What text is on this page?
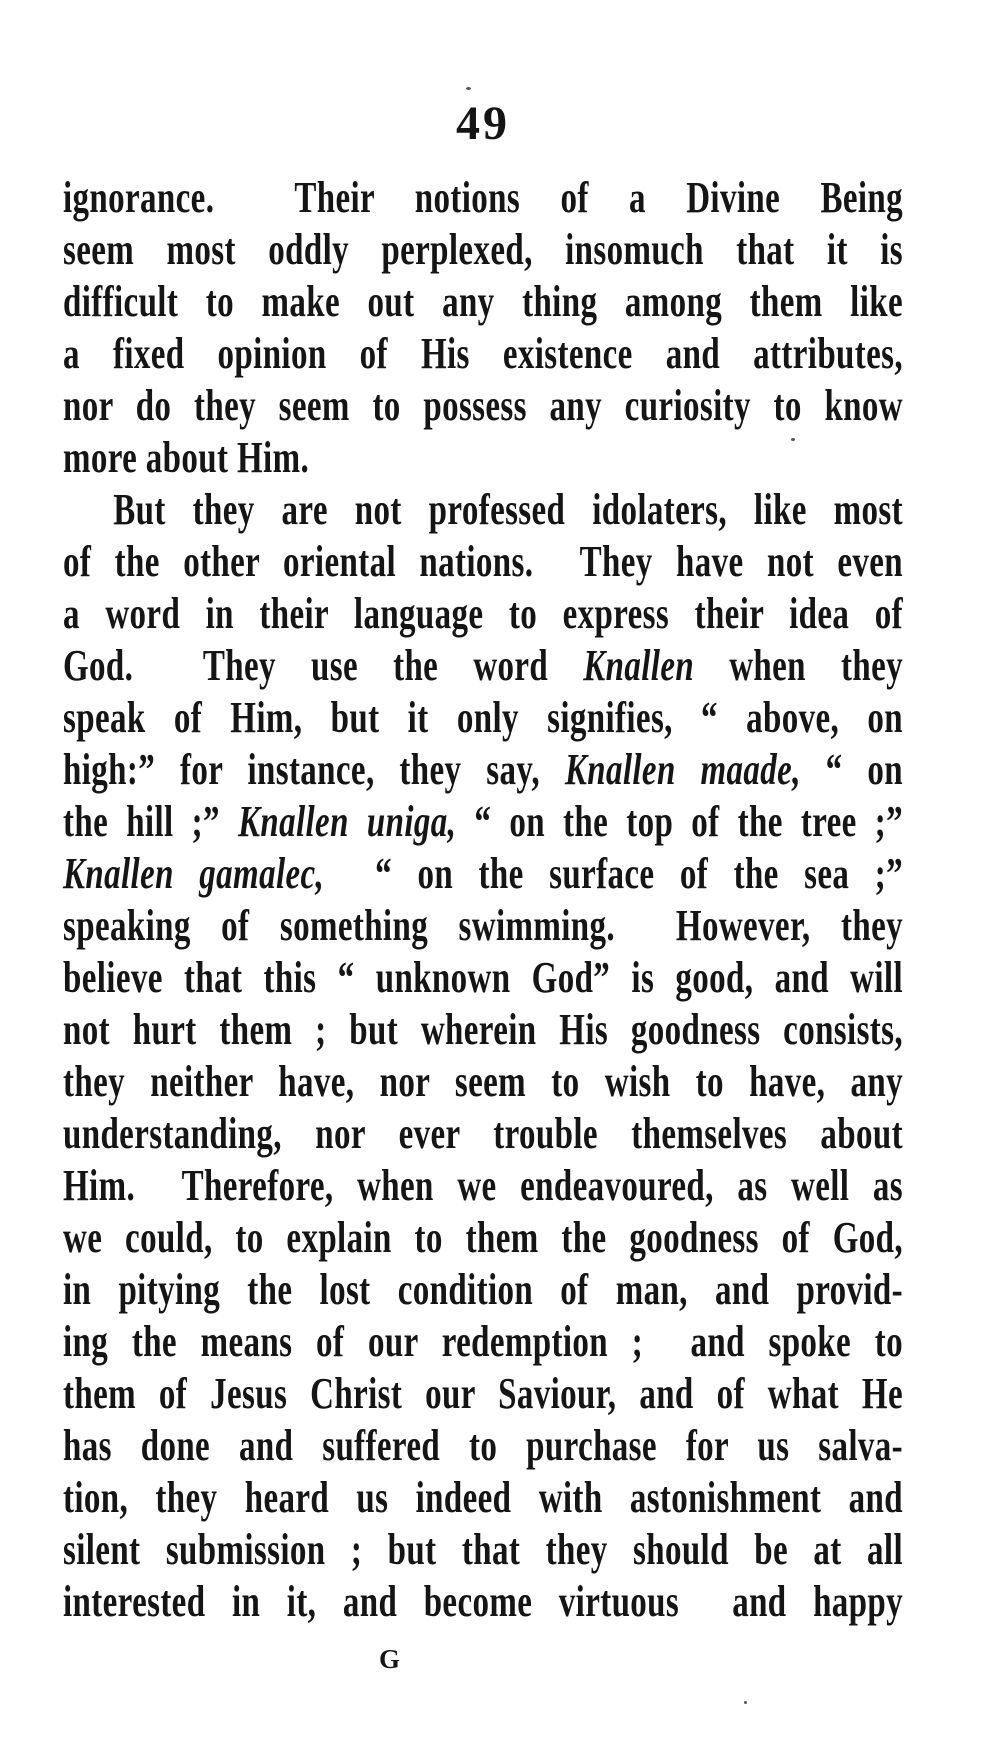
49
ignorance.  Their notions of a Divine Being
seem most oddly perplexed, insomuch that it is
difficult to make out any thing among them like
a fixed opinion of His existence and attributes,
nor do they seem to possess any curiosity to know
more about Him.
But they are not professed idolaters, like most
of the other oriental nations.  They have not even
a word in their language to express their idea of
God.  They use the word Knallen when they
speak of Him, but it only signifies, “ above, on
high:” for instance, they say, Knallen maade, “ on
the hill ;” Knallen uniga, “ on the top of the tree ;”
Knallen gamalec,  “ on the surface of the sea ;”
speaking of something swimming.  However, they
believe that this “ unknown God” is good, and will
not hurt them ; but wherein His goodness consists,
they neither have, nor seem to wish to have, any
understanding, nor ever trouble themselves about
Him.  Therefore, when we endeavoured, as well as
we could, to explain to them the goodness of God,
in pitying the lost condition of man, and provid-
ing the means of our redemption ;  and spoke to
them of Jesus Christ our Saviour, and of what He
has done and suffered to purchase for us salva-
tion, they heard us indeed with astonishment and
silent submission ; but that they should be at all
interested in it, and become virtuous  and happy
G
